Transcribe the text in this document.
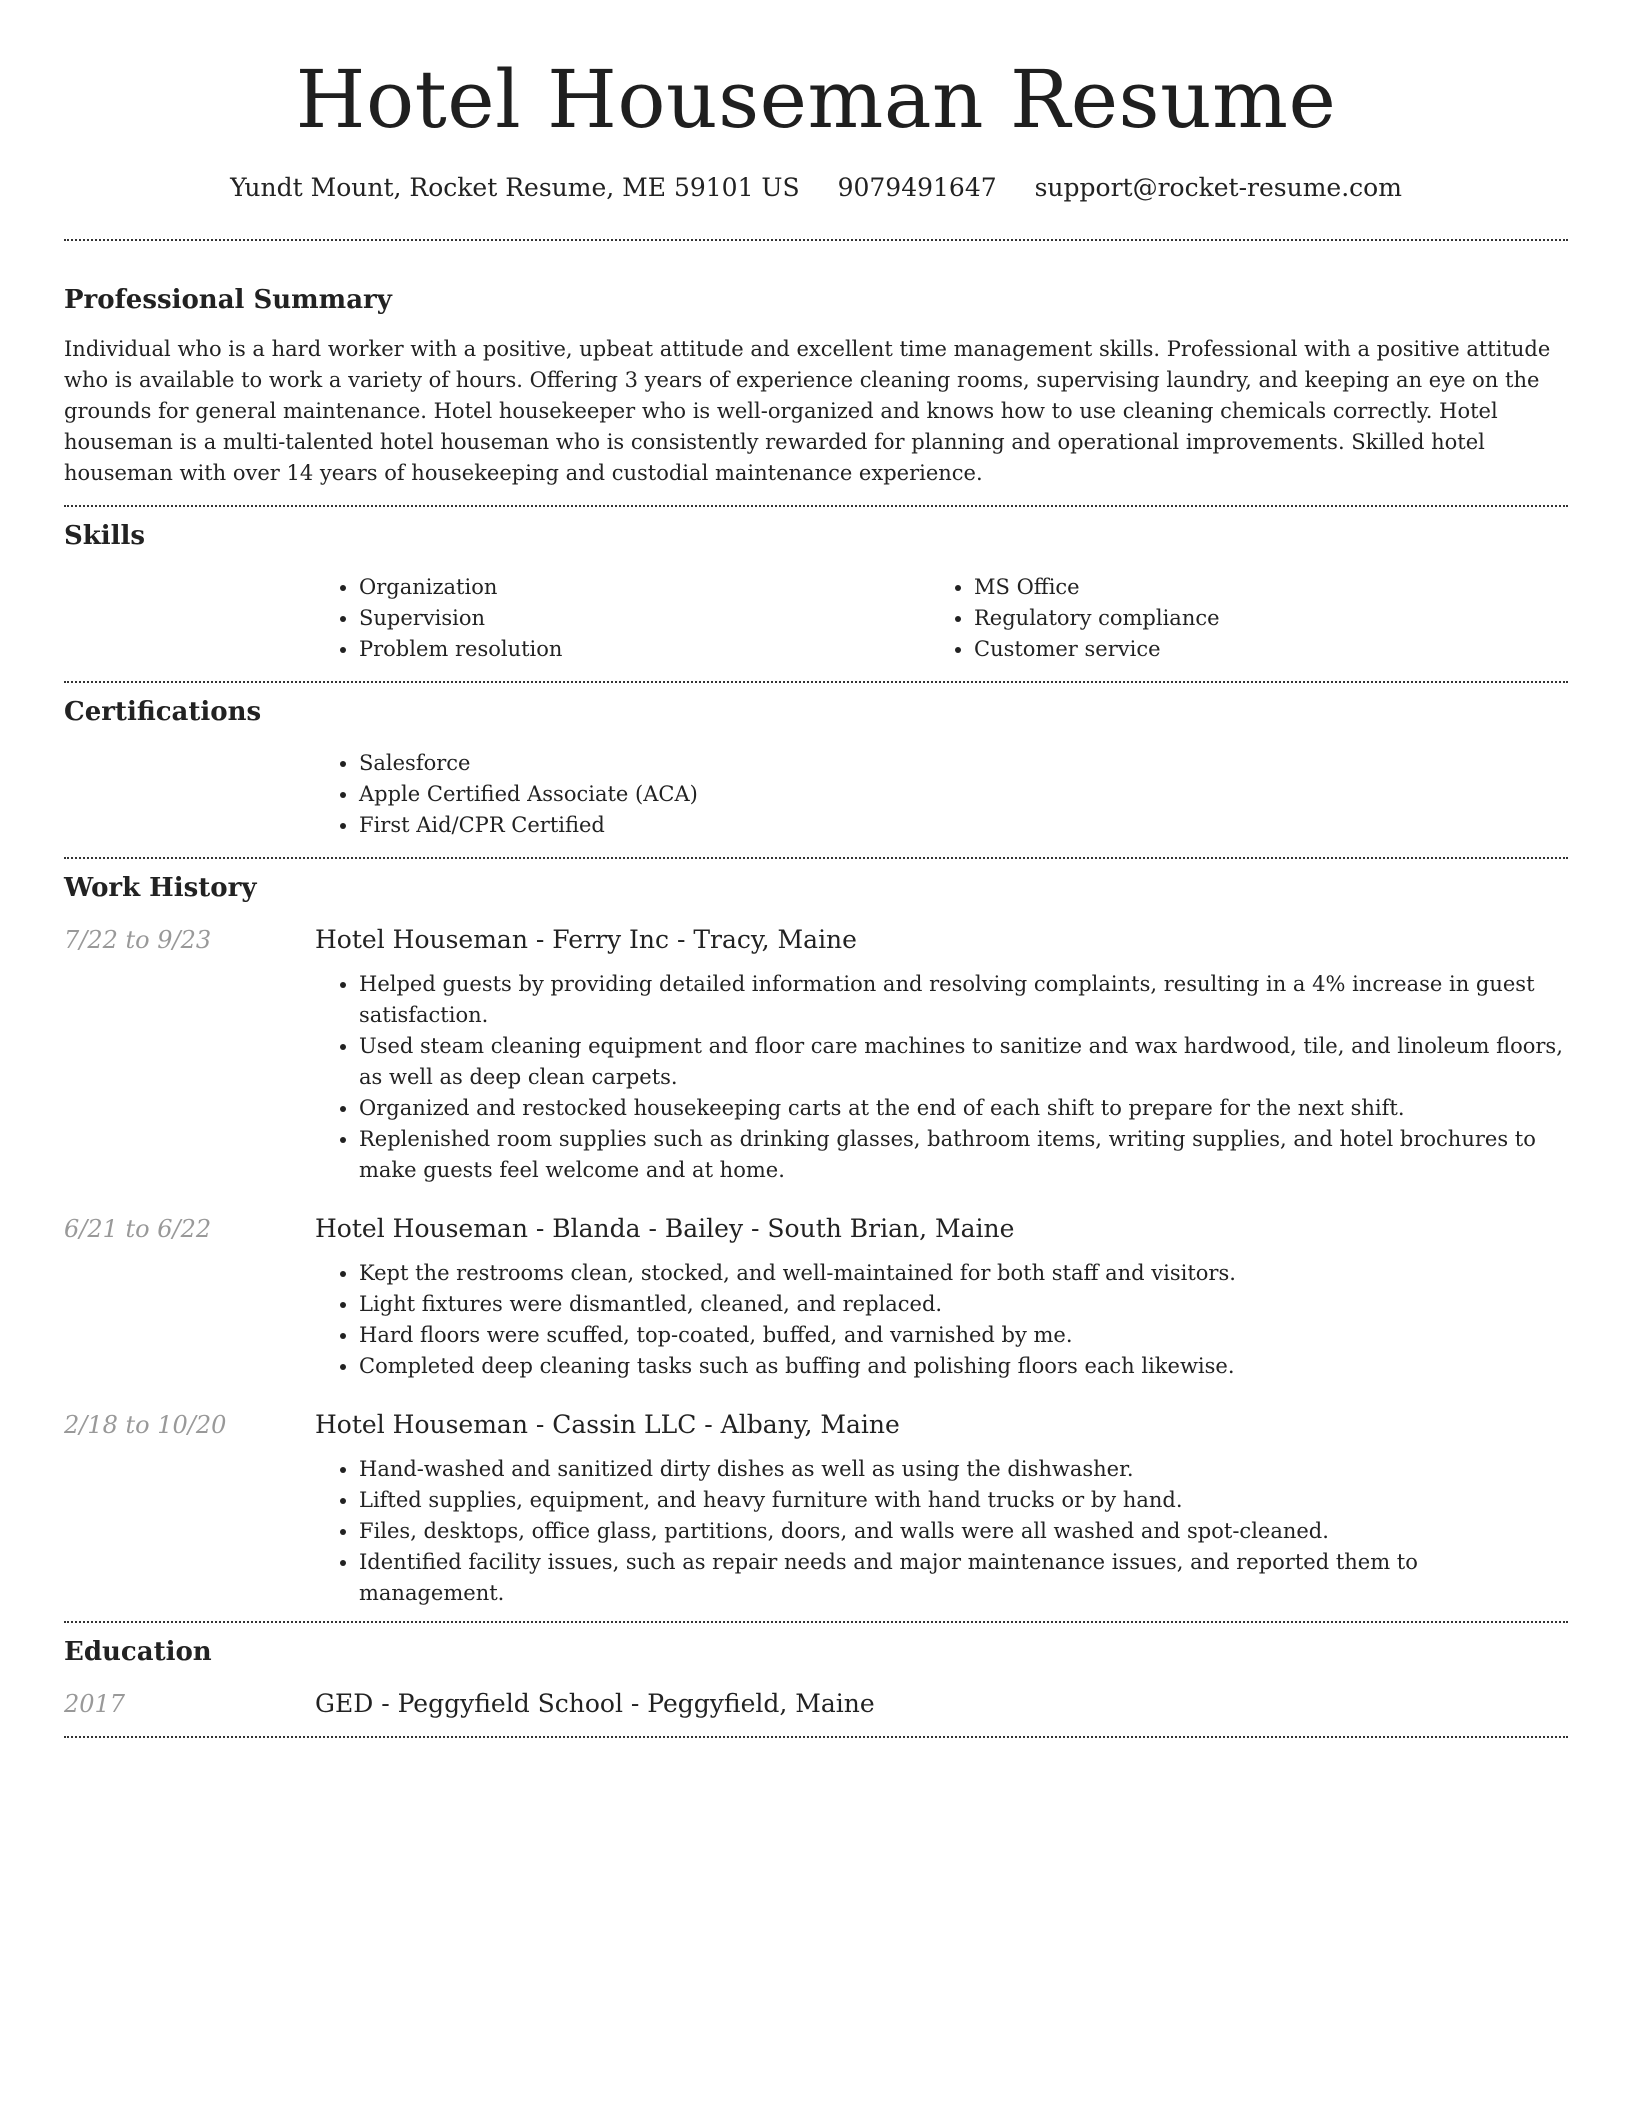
Hotel Houseman Resume
Yundt Mount, Rocket Resume, ME 59101 US 9079491647 support@rocket-resume.com
Professional Summary

Individual who is a hard worker with a positive, upbeat attitude and excellent time management skills. Professional with a positive attitude who is available to work a variety of hours. Offering 3 years of experience cleaning rooms, supervising laundry, and keeping an eye on the grounds for general maintenance. Hotel housekeeper who is well-organized and knows how to use cleaning chemicals correctly. Hotel houseman is a multi-talented hotel houseman who is consistently rewarded for planning and operational improvements. Skilled hotel houseman with over 14 years of housekeeping and custodial maintenance experience.

Skills
• Organization
• Supervision
• Problem resolution
• MS Office
• Regulatory compliance
• Customer service
Certifications
• Salesforce
• Apple Certified Associate (ACA)
• First Aid/CPR Certified
Work History
7/22 to 9/23	Hotel Houseman - Ferry Inc - Tracy, Maine
• Helped guests by providing detailed information and resolving complaints, resulting in a 4% increase in guest satisfaction.
• Used steam cleaning equipment and floor care machines to sanitize and wax hardwood, tile, and linoleum floors, as well as deep clean carpets.
• Organized and restocked housekeeping carts at the end of each shift to prepare for the next shift.
• Replenished room supplies such as drinking glasses, bathroom items, writing supplies, and hotel brochures to make guests feel welcome and at home.
6/21 to 6/22	Hotel Houseman - Blanda - Bailey - South Brian, Maine
• Kept the restrooms clean, stocked, and well-maintained for both staff and visitors.
• Light fixtures were dismantled, cleaned, and replaced.
• Hard floors were scuffed, top-coated, buffed, and varnished by me.
• Completed deep cleaning tasks such as buffing and polishing floors each likewise.
2/18 to 10/20	Hotel Houseman - Cassin LLC - Albany, Maine
• Hand-washed and sanitized dirty dishes as well as using the dishwasher.
• Lifted supplies, equipment, and heavy furniture with hand trucks or by hand.
• Files, desktops, office glass, partitions, doors, and walls were all washed and spot-cleaned.
• Identified facility issues, such as repair needs and major maintenance issues, and reported them to management.
Education
2017	GED - Peggyfield School - Peggyfield, Maine
